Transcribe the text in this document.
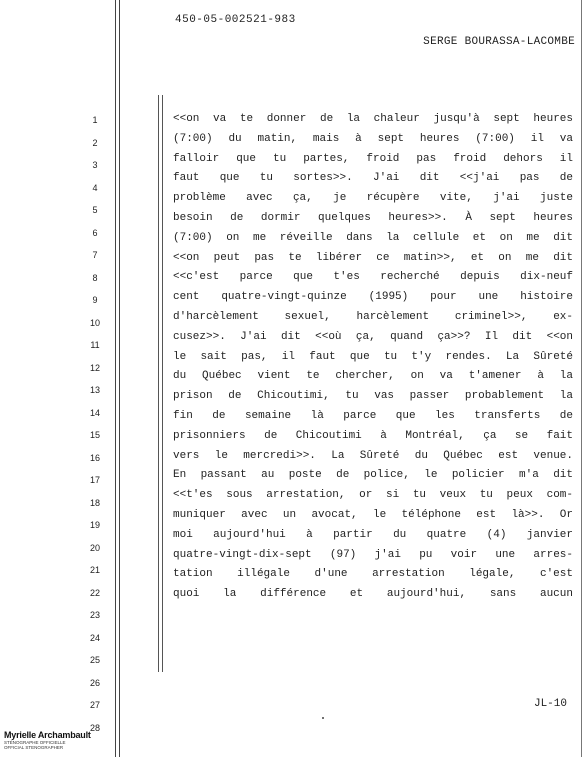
450-05-002521-983
SERGE BOURASSA-LACOMBE
1
2
3
4
5
6
7
8
9
10
11
12
13
14
15
16
17
18
19
20
21
22
23
24
25
26
27
28
<<on va te donner de la chaleur jusqu'à sept heures
(7:00) du matin, mais à sept heures (7:00) il va
falloir que tu partes, froid pas froid dehors il
faut que tu sortes>>. J'ai dit <<j'ai pas de
problème avec ça, je récupère vite, j'ai juste
besoin de dormir quelques heures>>. À sept heures
(7:00) on me réveille dans la cellule et on me dit
<<on peut pas te libérer ce matin>>, et on me dit
<<c'est parce que t'es recherché depuis dix-neuf
cent quatre-vingt-quinze (1995) pour une histoire
d'harcèlement sexuel, harcèlement criminel>>, ex-
cusez>>. J'ai dit <<où ça, quand ça>>? Il dit <<on
le sait pas, il faut que tu t'y rendes. La Sûreté
du Québec vient te chercher, on va t'amener à la
prison de Chicoutimi, tu vas passer probablement la
fin de semaine là parce que les transferts de
prisonniers de Chicoutimi à Montréal, ça se fait
vers le mercredi>>. La Sûreté du Québec est venue.
En passant au poste de police, le policier m'a dit
<<t'es sous arrestation, or si tu veux tu peux com-
muniquer avec un avocat, le téléphone est là>>. Or
moi aujourd'hui à partir du quatre (4) janvier
quatre-vingt-dix-sept (97) j'ai pu voir une arres-
tation illégale d'une arrestation légale, c'est
quoi la différence et aujourd'hui, sans aucun
JL-10
Myrielle Archambault
STÉNOGRAPHE OFFICIELLE
OFFICIAL STENOGRAPHER
